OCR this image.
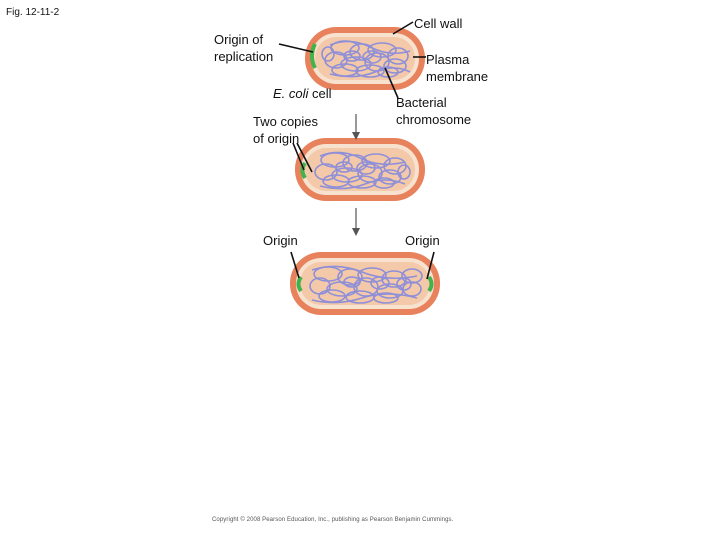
Fig. 12-11-2
Origin of
replication
Cell wall
Plasma
membrane
E. coli cell
Two copies
of origin
Bacterial
chromosome
Origin	Origin
Copyright © 2008 Pearson Education, Inc., publishing as Pearson Benjamin Cummings.
